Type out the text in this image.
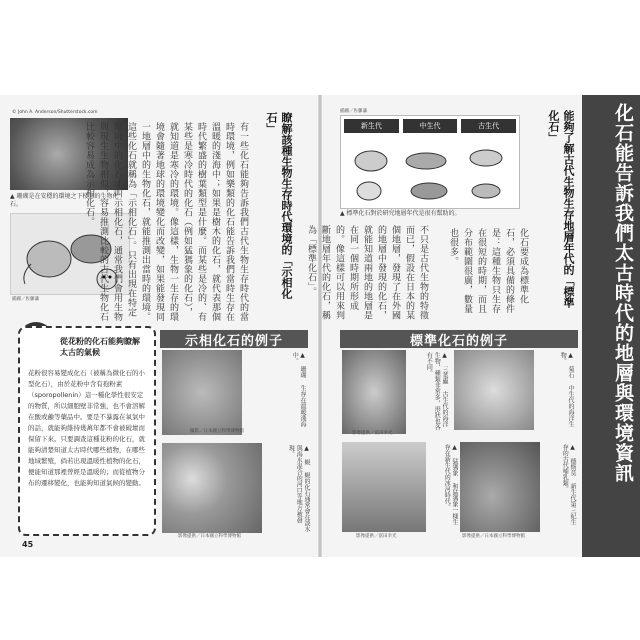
© John A. Anderson/Shutterstock.com
▲ 珊瑚是在安穩的環境之下棲息的生物化石。
插圖／佐藤藩	有一些化石能夠告訴我們古代生物生存時代的當時環境，例如樂類的化石能告訴我們當時生存在溫暖的淺海中；如果是樹木的化石，就代表那個時代繁盛的樹葉類型是什麼。而某些是冷的、有某些是寒冷時代的化石（例如猛獁象的化石），就知道是寒冷的環境。像這樣，生物一生存的環境會隨著地球的環境變化而改變，如果能發現同一地層中的生物化石，就能推測出當時的環境。這些化石就稱為「示相化石」。只有出現在特定環境中的化石才叫示相化石，通常我們會用生物與現生生物相似，容易推測比較的古代生物化石比較容易成為示相化石。	瞭解該種生物生存時代環境的「示相化石」
從花粉的化石能夠瞭解太古的氣候
花粉很容易變成化石（被稱為微化石的小型化石），由於花粉中含有孢粉素（sporopollenin）這一種化學性很安定的物質，所以細胞壁非常強，也不會溶解在酸或鹼等藥品中。要是不暴露在氧氣中的話，就能夠維持幾萬年都不會被破壞而保留下來。只要調查這種花粉的化石，就能夠清楚知道太古時代哪些植物，在哪些地域繁殖，倘若出現溫暖性植物的化石，便能知道那裡曾經是溫暖的；而從植物分布的遷移變化，也能夠知道氣候的變動。
45
示相化石的例子
攝影／日本國立科學博物館
▲ 珊瑚 生存在溫暖淺海中。
影像提供／日本國立科學博物館
▲ 蜆 蜆的化石通常會在淡水與海水混合的河口等地方被發現。
插圖／佐藤藩
新生代	中生代	古生代
▲ 標準化石對於研究地層年代是很有幫助的。
不只是古代生物的特徵而已，假設在日本的某個地層，發現了在外國的地層中發現的化石，就能知道兩地的地層是在同一個時期所形成的。像這樣可以用來判斷地層年代的化石，稱為「標準化石」。	化石要成為標準化石，必須具備的條件是：這種生物只生存在很短的時期，而且分布範圍很廣，數量也很多。	能夠了解古代生物生存地層年代的「標準化石」
標準化石的例子
影像提供／富田幸光
▲ 三葉蟲 古生代的海洋生物，種類非常多，形狀也各有不同。	▲ 菊石 中生代的海洋生物。
影像提供／富田幸光
▲ 猛獁象 和猛獁象一樣生存在新生代的冰河時代。
影像提供／日本國立科學博物館
▲ 德斯莫 新生代第三紀生存的古代哺乳類。	化石能告訴我們太古時代的地層與環境資訊
